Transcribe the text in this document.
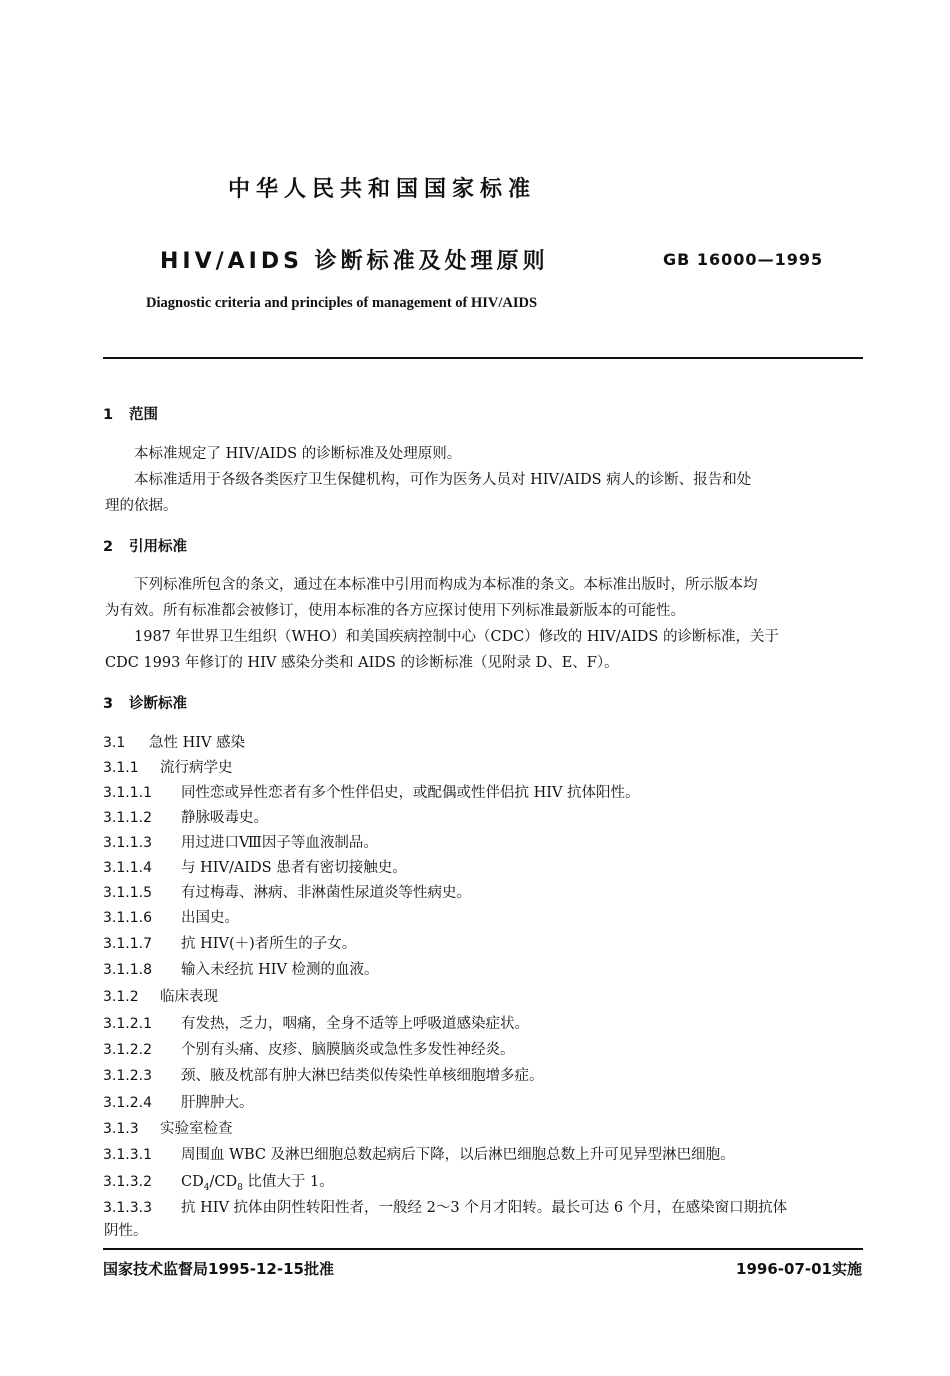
中华人民共和国国家标准
HIV/AIDS 诊断标准及处理原则	GB 16000—1995
Diagnostic criteria and principles of management of HIV/AIDS
1 范围
本标准规定了 HIV/AIDS 的诊断标准及处理原则。
本标准适用于各级各类医疗卫生保健机构，可作为医务人员对 HIV/AIDS 病人的诊断、报告和处
理的依据。
2 引用标准
下列标准所包含的条文，通过在本标准中引用而构成为本标准的条文。本标准出版时，所示版本均
为有效。所有标准都会被修订，使用本标准的各方应探讨使用下列标准最新版本的可能性。
1987 年世界卫生组织（WHO）和美国疾病控制中心（CDC）修改的 HIV/AIDS 的诊断标准，关于
CDC 1993 年修订的 HIV 感染分类和 AIDS 的诊断标准（见附录 D、E、F）。
3 诊断标准
3.1 急性 HIV 感染
3.1.1 流行病学史
3.1.1.1 同性恋或异性恋者有多个性伴侣史，或配偶或性伴侣抗 HIV 抗体阳性。
3.1.1.2 静脉吸毒史。
3.1.1.3 用过进口Ⅷ因子等血液制品。
3.1.1.4 与 HIV/AIDS 患者有密切接触史。
3.1.1.5 有过梅毒、淋病、非淋菌性尿道炎等性病史。
3.1.1.6 出国史。
3.1.1.7 抗 HIV(＋)者所生的子女。
3.1.1.8 输入未经抗 HIV 检测的血液。
3.1.2 临床表现
3.1.2.1 有发热，乏力，咽痛，全身不适等上呼吸道感染症状。
3.1.2.2 个别有头痛、皮疹、脑膜脑炎或急性多发性神经炎。
3.1.2.3 颈、腋及枕部有肿大淋巴结类似传染性单核细胞增多症。
3.1.2.4 肝脾肿大。
3.1.3 实验室检查
3.1.3.1 周围血 WBC 及淋巴细胞总数起病后下降，以后淋巴细胞总数上升可见异型淋巴细胞。
3.1.3.2 $CD_4/CD_8$ 比值大于 1。
3.1.3.3 抗 HIV 抗体由阴性转阳性者，一般经 2～3 个月才阳转。最长可达 6 个月，在感染窗口期抗体
阴性。
国家技术监督局1995-12-15批准	1996-07-01实施
